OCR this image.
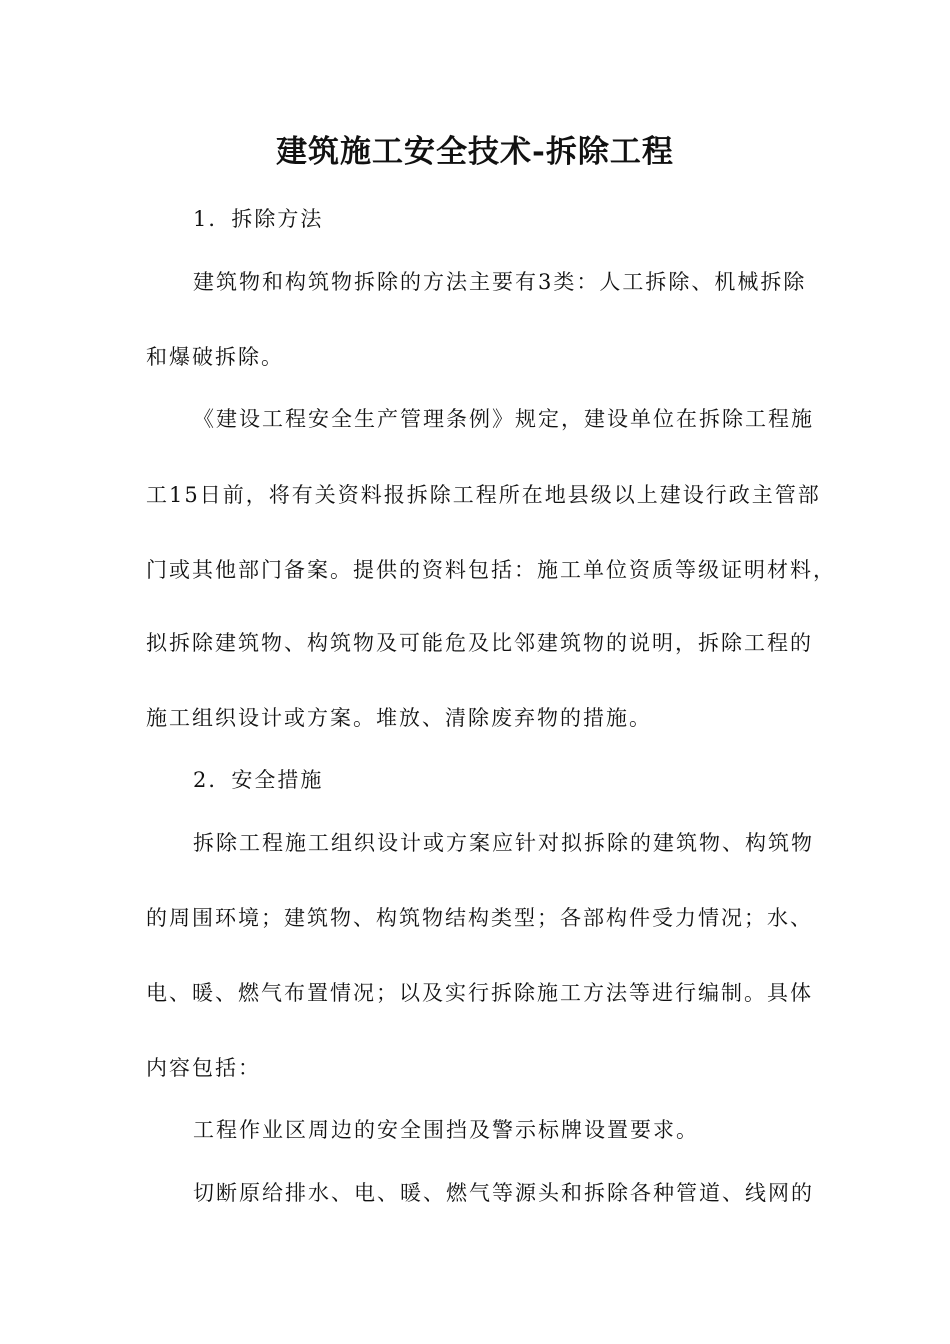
建筑施工安全技术-拆除工程
1．拆除方法
建筑物和构筑物拆除的方法主要有3类：人工拆除、机械拆除
和爆破拆除。
《建设工程安全生产管理条例》规定，建设单位在拆除工程施
工15日前，将有关资料报拆除工程所在地县级以上建设行政主管部
门或其他部门备案。提供的资料包括：施工单位资质等级证明材料，
拟拆除建筑物、构筑物及可能危及比邻建筑物的说明，拆除工程的
施工组织设计或方案。堆放、清除废弃物的措施。
2．安全措施
拆除工程施工组织设计或方案应针对拟拆除的建筑物、构筑物
的周围环境；建筑物、构筑物结构类型；各部构件受力情况；水、
电、暖、燃气布置情况；以及实行拆除施工方法等进行编制。具体
内容包括：
工程作业区周边的安全围挡及警示标牌设置要求。
切断原给排水、电、暖、燃气等源头和拆除各种管道、线网的
